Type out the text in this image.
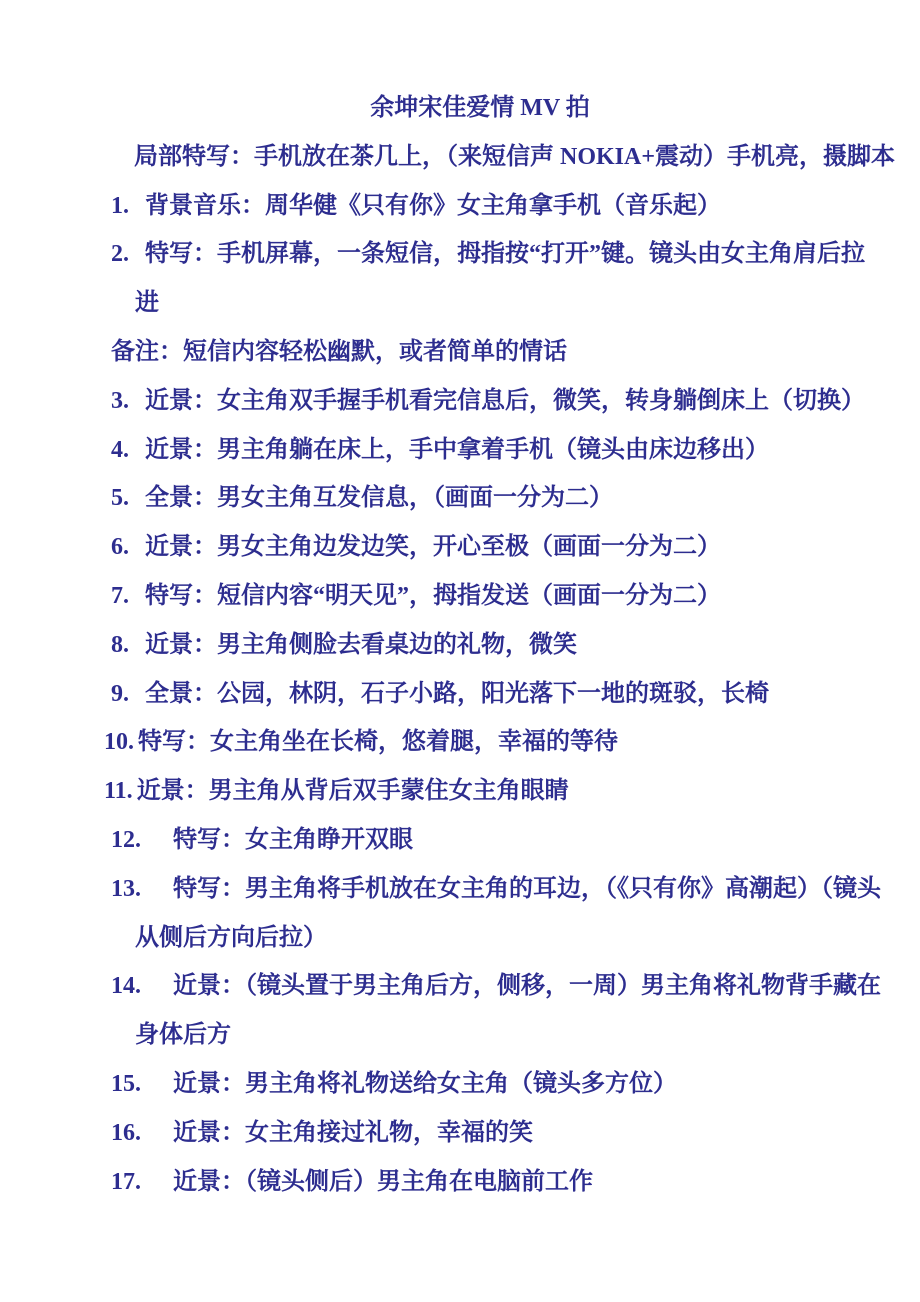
余坤宋佳爱情 MV 拍
局部特写：手机放在茶几上，（来短信声 NOKIA+震动）手机亮，摄脚本
1. 背景音乐：周华健《只有你》女主角拿手机（音乐起）
2. 特写：手机屏幕，一条短信，拇指按“打开”键。镜头由女主角肩后拉
进
备注：短信内容轻松幽默，或者简单的情话
3. 近景：女主角双手握手机看完信息后，微笑，转身躺倒床上（切换）
4. 近景：男主角躺在床上，手中拿着手机（镜头由床边移出）
5. 全景：男女主角互发信息，（画面一分为二）
6. 近景：男女主角边发边笑，开心至极（画面一分为二）
7. 特写：短信内容“明天见”，拇指发送（画面一分为二）
8. 近景：男主角侧脸去看桌边的礼物，微笑
9. 全景：公园，林阴，石子小路，阳光落下一地的斑驳，长椅
10. 特写：女主角坐在长椅，悠着腿，幸福的等待
11. 近景：男主角从背后双手蒙住女主角眼睛
12.	特写：女主角睁开双眼
13.	特写：男主角将手机放在女主角的耳边，（《只有你》高潮起）（镜头
从侧后方向后拉）
14.	近景：（镜头置于男主角后方，侧移，一周）男主角将礼物背手藏在
身体后方
15.	近景：男主角将礼物送给女主角（镜头多方位）
16.	近景：女主角接过礼物，幸福的笑
17.	近景：（镜头侧后）男主角在电脑前工作
